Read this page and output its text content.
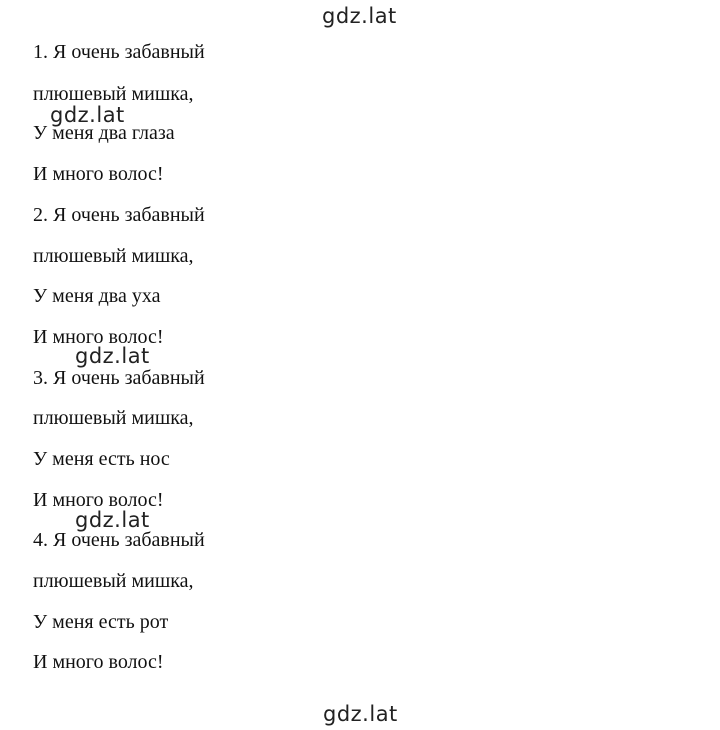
1. Я очень забавный

плюшевый мишка,

У меня два глаза

И много волос!

2. Я очень забавный

плюшевый мишка,

У меня два уха

И много волос!

3. Я очень забавный

плюшевый мишка,

У меня есть нос

И много волос!

4. Я очень забавный

плюшевый мишка,

У меня есть рот

И много волос!

gdz.lat
gdz.lat
gdz.lat
gdz.lat
gdz.lat
